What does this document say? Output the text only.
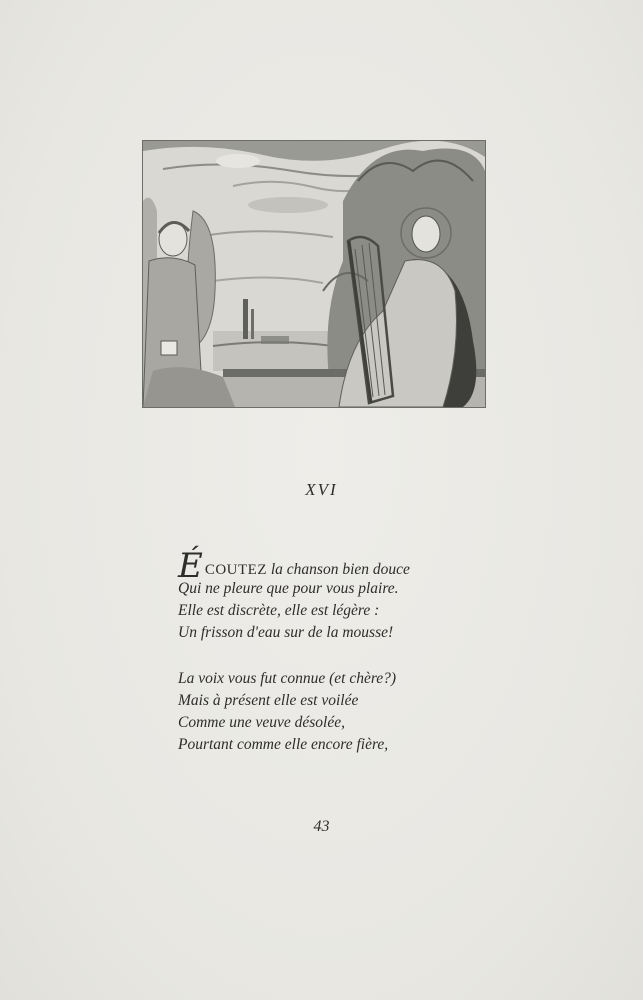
XVI
ÉCOUTEZ la chanson bien douce
Qui ne pleure que pour vous plaire.
Elle est discrète, elle est légère :
Un frisson d'eau sur de la mousse!
La voix vous fut connue (et chère?)
Mais à présent elle est voilée
Comme une veuve désolée,
Pourtant comme elle encore fière,
43
